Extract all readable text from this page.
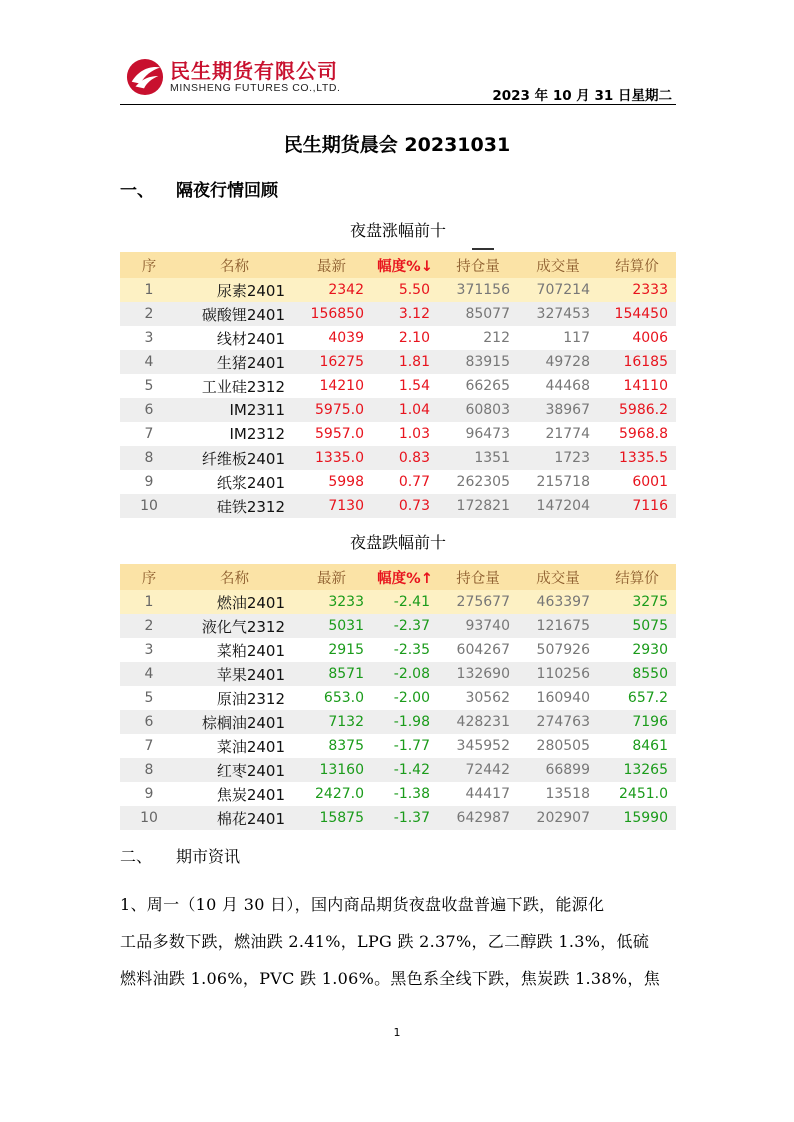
民生期货有限公司
MINSHENG FUTURES CO.,LTD.
2023 年 10 月 31 日星期二
民生期货晨会 20231031
一、 隔夜行情回顾
夜盘涨幅前十
序	名称	最新	幅度%↓	持仓量	成交量	结算价
1	尿素2401	2342	5.50	371156	707214	2333
2	碳酸锂2401	156850	3.12	85077	327453	154450
3	线材2401	4039	2.10	212	117	4006
4	生猪2401	16275	1.81	83915	49728	16185
5	工业硅2312	14210	1.54	66265	44468	14110
6	IM2311	5975.0	1.04	60803	38967	5986.2
7	IM2312	5957.0	1.03	96473	21774	5968.8
8	纤维板2401	1335.0	0.83	1351	1723	1335.5
9	纸浆2401	5998	0.77	262305	215718	6001
10	硅铁2312	7130	0.73	172821	147204	7116
夜盘跌幅前十
序	名称	最新	幅度%↑	持仓量	成交量	结算价
1	燃油2401	3233	-2.41	275677	463397	3275
2	液化气2312	5031	-2.37	93740	121675	5075
3	菜粕2401	2915	-2.35	604267	507926	2930
4	苹果2401	8571	-2.08	132690	110256	8550
5	原油2312	653.0	-2.00	30562	160940	657.2
6	棕榈油2401	7132	-1.98	428231	274763	7196
7	菜油2401	8375	-1.77	345952	280505	8461
8	红枣2401	13160	-1.42	72442	66899	13265
9	焦炭2401	2427.0	-1.38	44417	13518	2451.0
10	棉花2401	15875	-1.37	642987	202907	15990
二、 期市资讯

1、周一（10 月 30 日），国内商品期货夜盘收盘普遍下跌，能源化

工品多数下跌，燃油跌 2.41%，LPG 跌 2.37%，乙二醇跌 1.3%，低硫

燃料油跌 1.06%，PVC 跌 1.06%。黑色系全线下跌，焦炭跌 1.38%，焦

1
